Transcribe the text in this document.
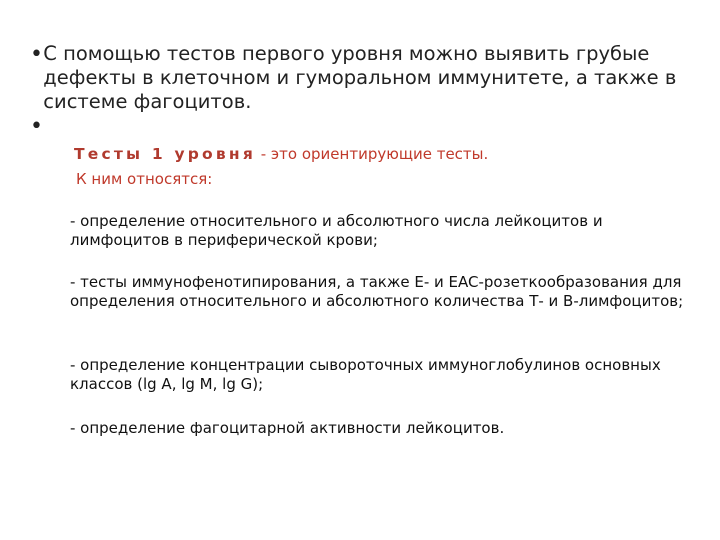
• С помощью тестов первого уровня можно выявить грубые дефекты в клеточном и гуморальном иммунитете, а также в системе фагоцитов.
•
Тесты 1 уровня - это ориентирующие тесты.
К ним относятся:
- определение относительного и абсолютного числа лейкоцитов и лимфоцитов в периферической крови;
- тесты иммунофенотипирования, а также Е- и EAC-розеткообразования для определения относительного и абсолютного количества Т- и В-лимфоцитов;
- определение концентрации сывороточных иммуноглобулинов основных классов (lg A, lg M, lg G);
- определение фагоцитарной активности лейкоцитов.
